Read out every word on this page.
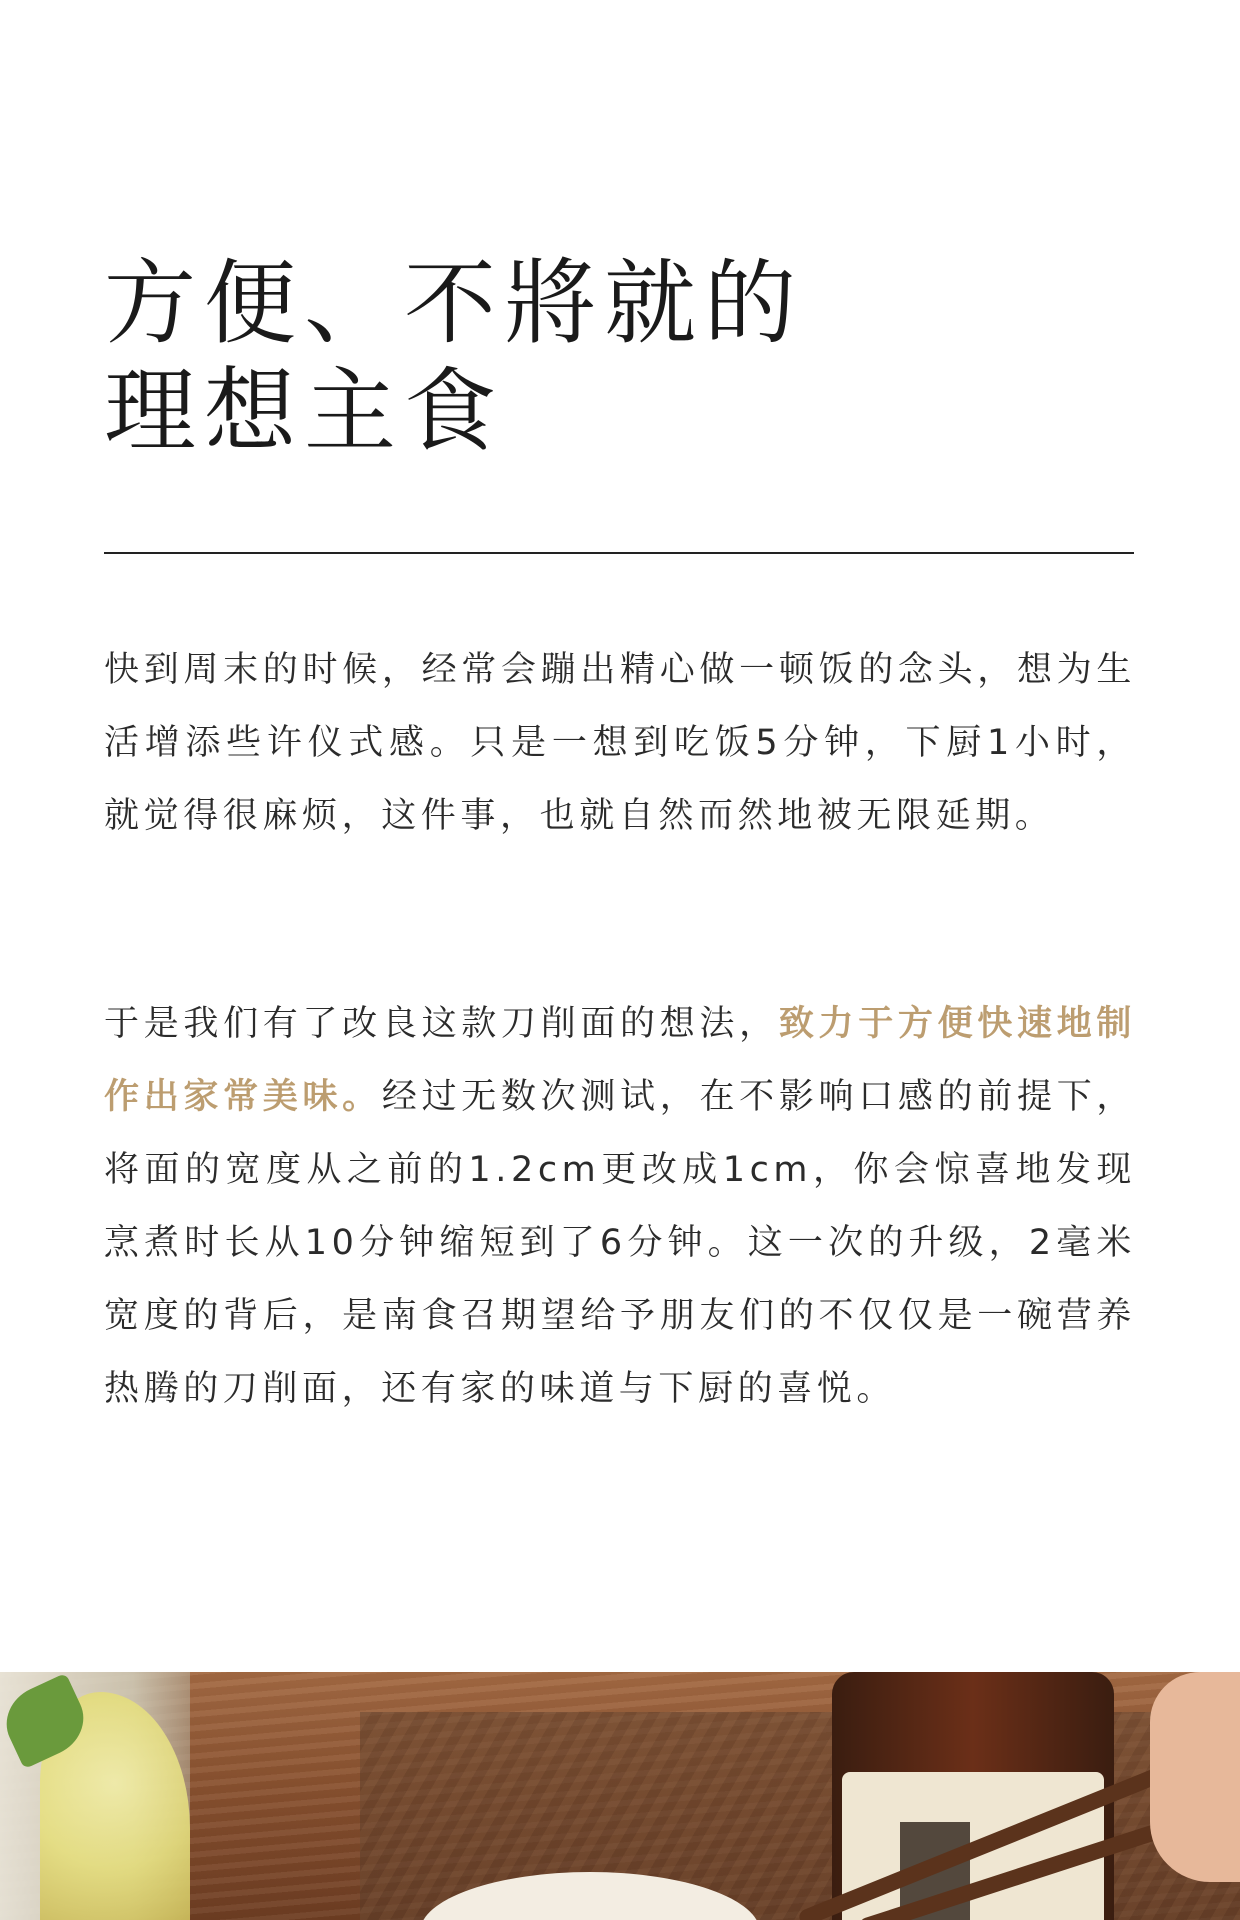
方便、不將就的
理想主食

快到周末的时候，经常会蹦出精心做一顿饭的念头，想为生活增添些许仪式感。只是一想到吃饭5分钟，下厨1小时，就觉得很麻烦，这件事，也就自然而然地被无限延期。

于是我们有了改良这款刀削面的想法，致力于方便快速地制作出家常美味。经过无数次测试，在不影响口感的前提下，将面的宽度从之前的1.2cm更改成1cm，你会惊喜地发现烹煮时长从10分钟缩短到了6分钟。这一次的升级，2毫米宽度的背后，是南食召期望给予朋友们的不仅仅是一碗营养热腾的刀削面，还有家的味道与下厨的喜悦。
